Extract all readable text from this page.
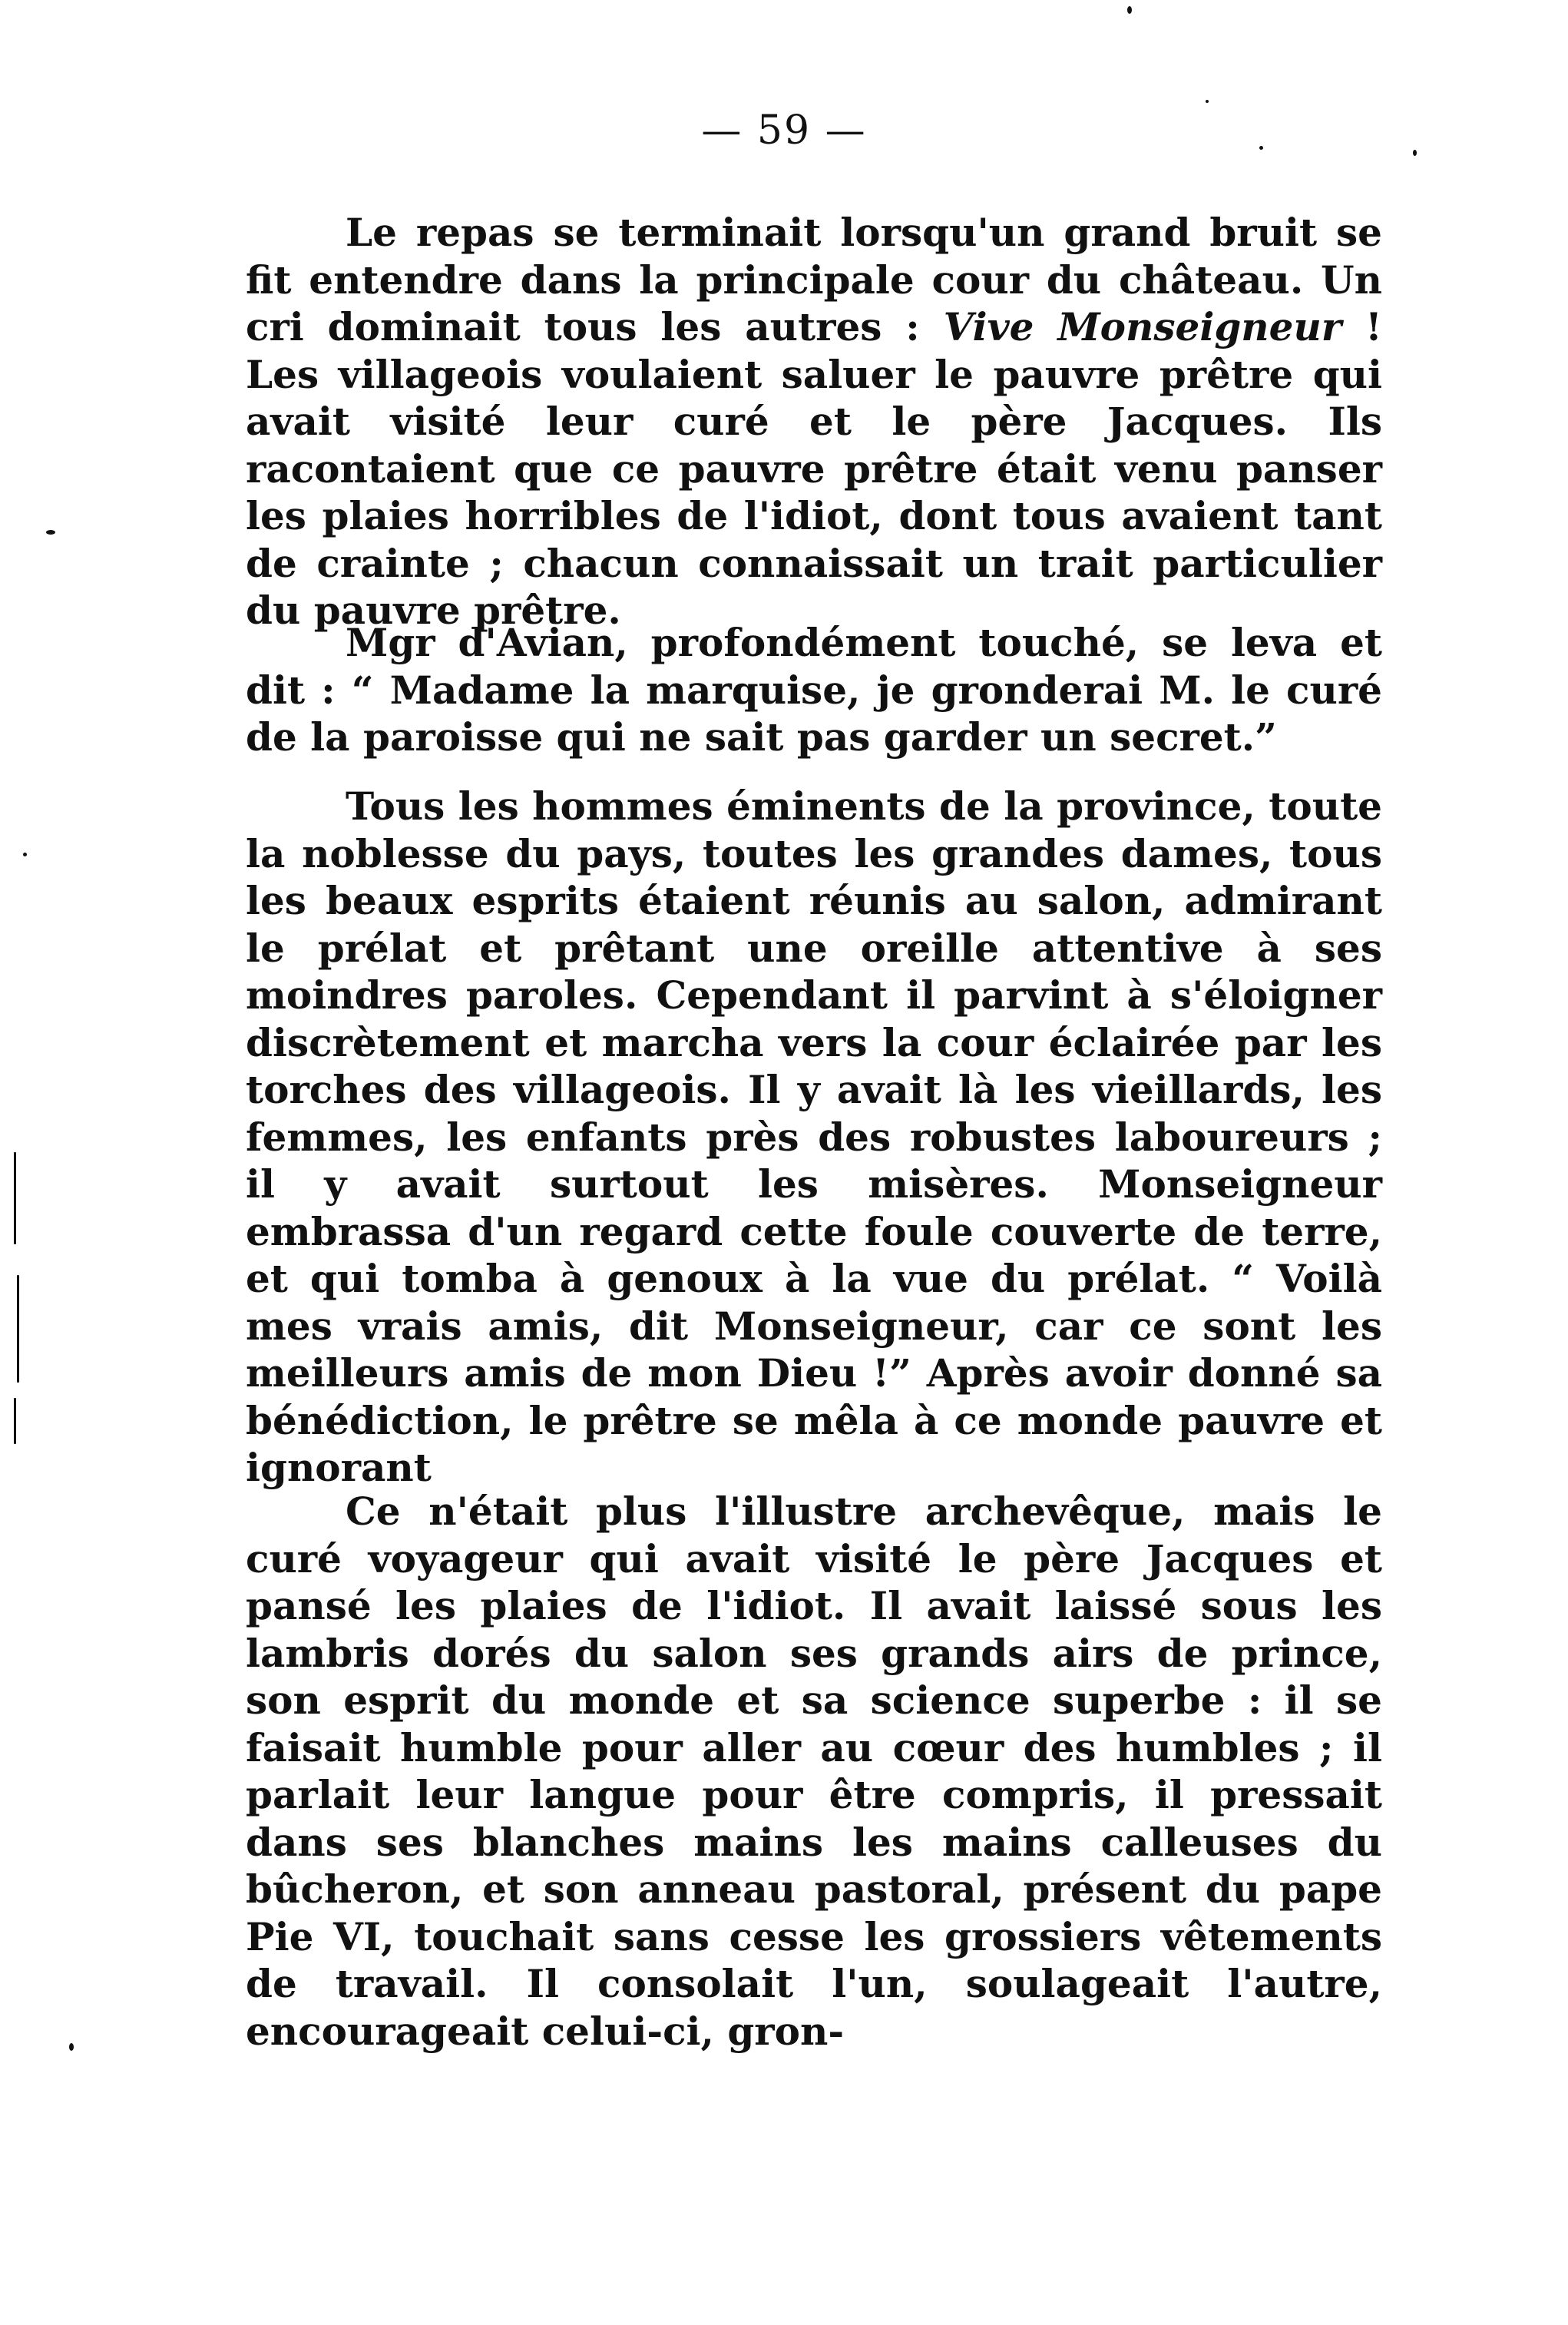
— 59 —

Le repas se terminait lorsqu'un grand bruit se fit entendre dans la principale cour du château. Un cri dominait tous les autres : Vive Monseigneur ! Les villageois voulaient saluer le pauvre prêtre qui avait visité leur curé et le père Jacques. Ils racontaient que ce pauvre prêtre était venu panser les plaies horribles de l'idiot, dont tous avaient tant de crainte ; chacun connaissait un trait particulier du pauvre prêtre.

Mgr d'Avian, profondément touché, se leva et dit : “ Madame la marquise, je gronderai M. le curé de la paroisse qui ne sait pas garder un secret.”

Tous les hommes éminents de la province, toute la noblesse du pays, toutes les grandes dames, tous les beaux esprits étaient réunis au salon, admirant le prélat et prêtant une oreille attentive à ses moindres paroles. Cependant il parvint à s'éloigner discrètement et marcha vers la cour éclairée par les torches des villageois. Il y avait là les vieillards, les femmes, les enfants près des robustes laboureurs ; il y avait surtout les misères. Monseigneur embrassa d'un regard cette foule couverte de terre, et qui tomba à genoux à la vue du prélat. “ Voilà mes vrais amis, dit Monseigneur, car ce sont les meilleurs amis de mon Dieu !” Après avoir donné sa bénédiction, le prêtre se mêla à ce monde pauvre et ignorant

Ce n'était plus l'illustre archevêque, mais le curé voyageur qui avait visité le père Jacques et pansé les plaies de l'idiot. Il avait laissé sous les lambris dorés du salon ses grands airs de prince, son esprit du monde et sa science superbe : il se faisait humble pour aller au cœur des humbles ; il parlait leur langue pour être compris, il pressait dans ses blanches mains les mains calleuses du bûcheron, et son anneau pastoral, présent du pape Pie VI, touchait sans cesse les grossiers vêtements de travail. Il consolait l'un, soulageait l'autre, encourageait celui-ci, gron-
